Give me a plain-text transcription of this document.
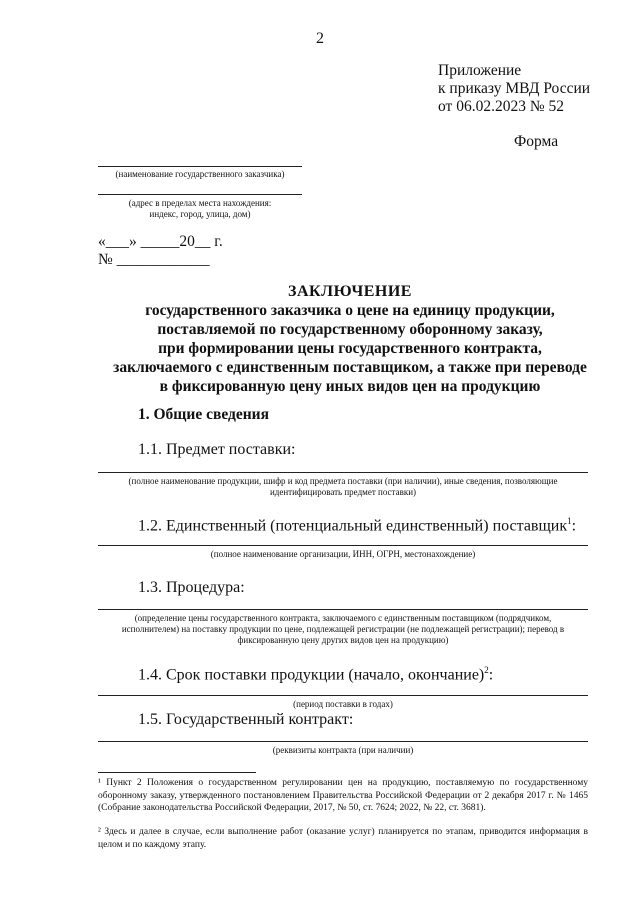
2
Приложение
к приказу МВД России
от 06.02.2023 № 52
Форма
(наименование государственного заказчика)
(адрес в пределах места нахождения:
индекс, город, улица, дом)
«___» _____20__ г.
№ ____________
ЗАКЛЮЧЕНИЕ
государственного заказчика о цене на единицу продукции,
поставляемой по государственному оборонному заказу,
при формировании цены государственного контракта,
заключаемого с единственным поставщиком, а также при переводе
в фиксированную цену иных видов цен на продукцию
1. Общие сведения
1.1. Предмет поставки:
(полное наименование продукции, шифр и код предмета поставки (при наличии), иные сведения, позволяющие
идентифицировать предмет поставки)
1.2. Единственный (потенциальный единственный) поставщик$^1$:
(полное наименование организации, ИНН, ОГРН, местонахождение)
1.3. Процедура:
(определение цены государственного контракта, заключаемого с единственным поставщиком (подрядчиком,
исполнителем) на поставку продукции по цене, подлежащей регистрации (не подлежащей регистрации); перевод в
фиксированную цену других видов цен на продукцию)
1.4. Срок поставки продукции (начало, окончание)$^2$:
(период поставки в годах)
1.5. Государственный контракт:
(реквизиты контракта (при наличии)
¹ Пункт 2 Положения о государственном регулировании цен на продукцию, поставляемую по государственному оборонному заказу, утвержденного постановлением Правительства Российской Федерации от 2 декабря 2017 г. № 1465 (Собрание законодательства Российской Федерации, 2017, № 50, ст. 7624; 2022, № 22, ст. 3681).
² Здесь и далее в случае, если выполнение работ (оказание услуг) планируется по этапам, приводится информация в целом и по каждому этапу.
